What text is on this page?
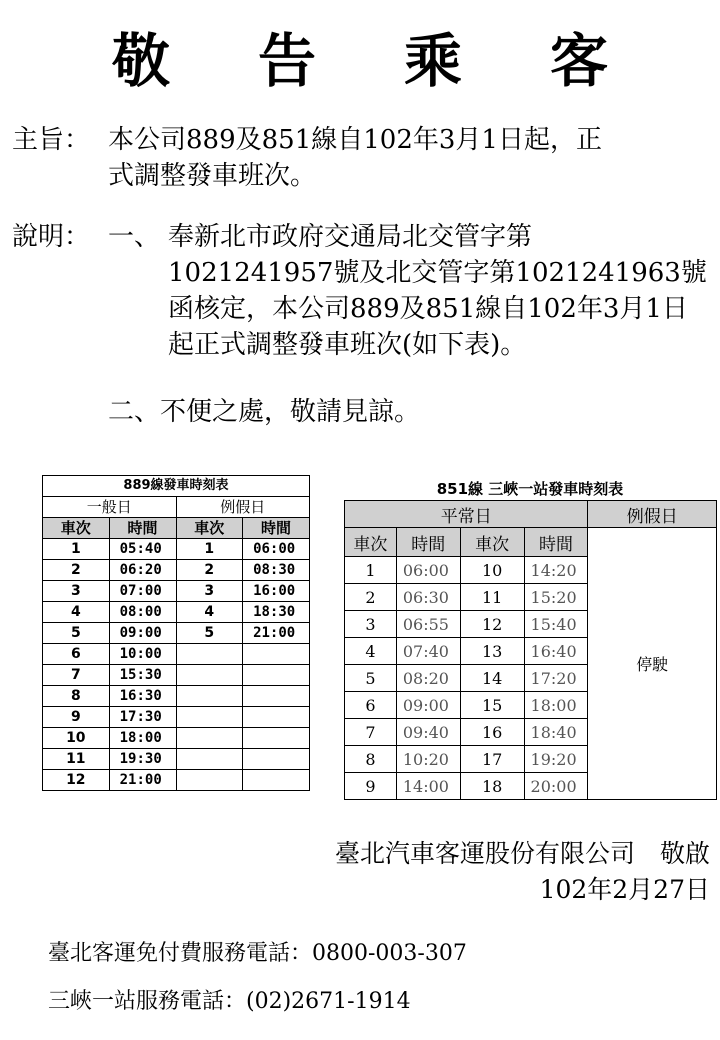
敬 告 乘 客
主旨： 本公司889及851線自102年3月1日起，正
式調整發車班次。
說明： 一、 奉新北市政府交通局北交管字第
1021241957號及北交管字第1021241963號
函核定，本公司889及851線自102年3月1日
起正式調整發車班次(如下表)。
二、不便之處，敬請見諒。
889線發車時刻表			
一般日		例假日	
車次	時間	車次	時間
1	05:40	1	06:00
2	06:20	2	08:30
3	07:00	3	16:00
4	08:00	4	18:30
5	09:00	5	21:00
6	10:00		
7	15:30		
8	16:30		
9	17:30		
10	18:00		
11	19:30		
12	21:00		
851線 三峽一站發車時刻表
平常日				例假日
車次	時間	車次	時間	停駛
1	06:00	10	14:20	
2	06:30	11	15:20	
3	06:55	12	15:40	
4	07:40	13	16:40	
5	08:20	14	17:20	
6	09:00	15	18:00	
7	09:40	16	18:40	
8	10:20	17	19:20	
9	14:00	18	20:00	
臺北汽車客運股份有限公司　敬啟
102年2月27日
臺北客運免付費服務電話：0800-003-307
三峽一站服務電話：(02)2671-1914
